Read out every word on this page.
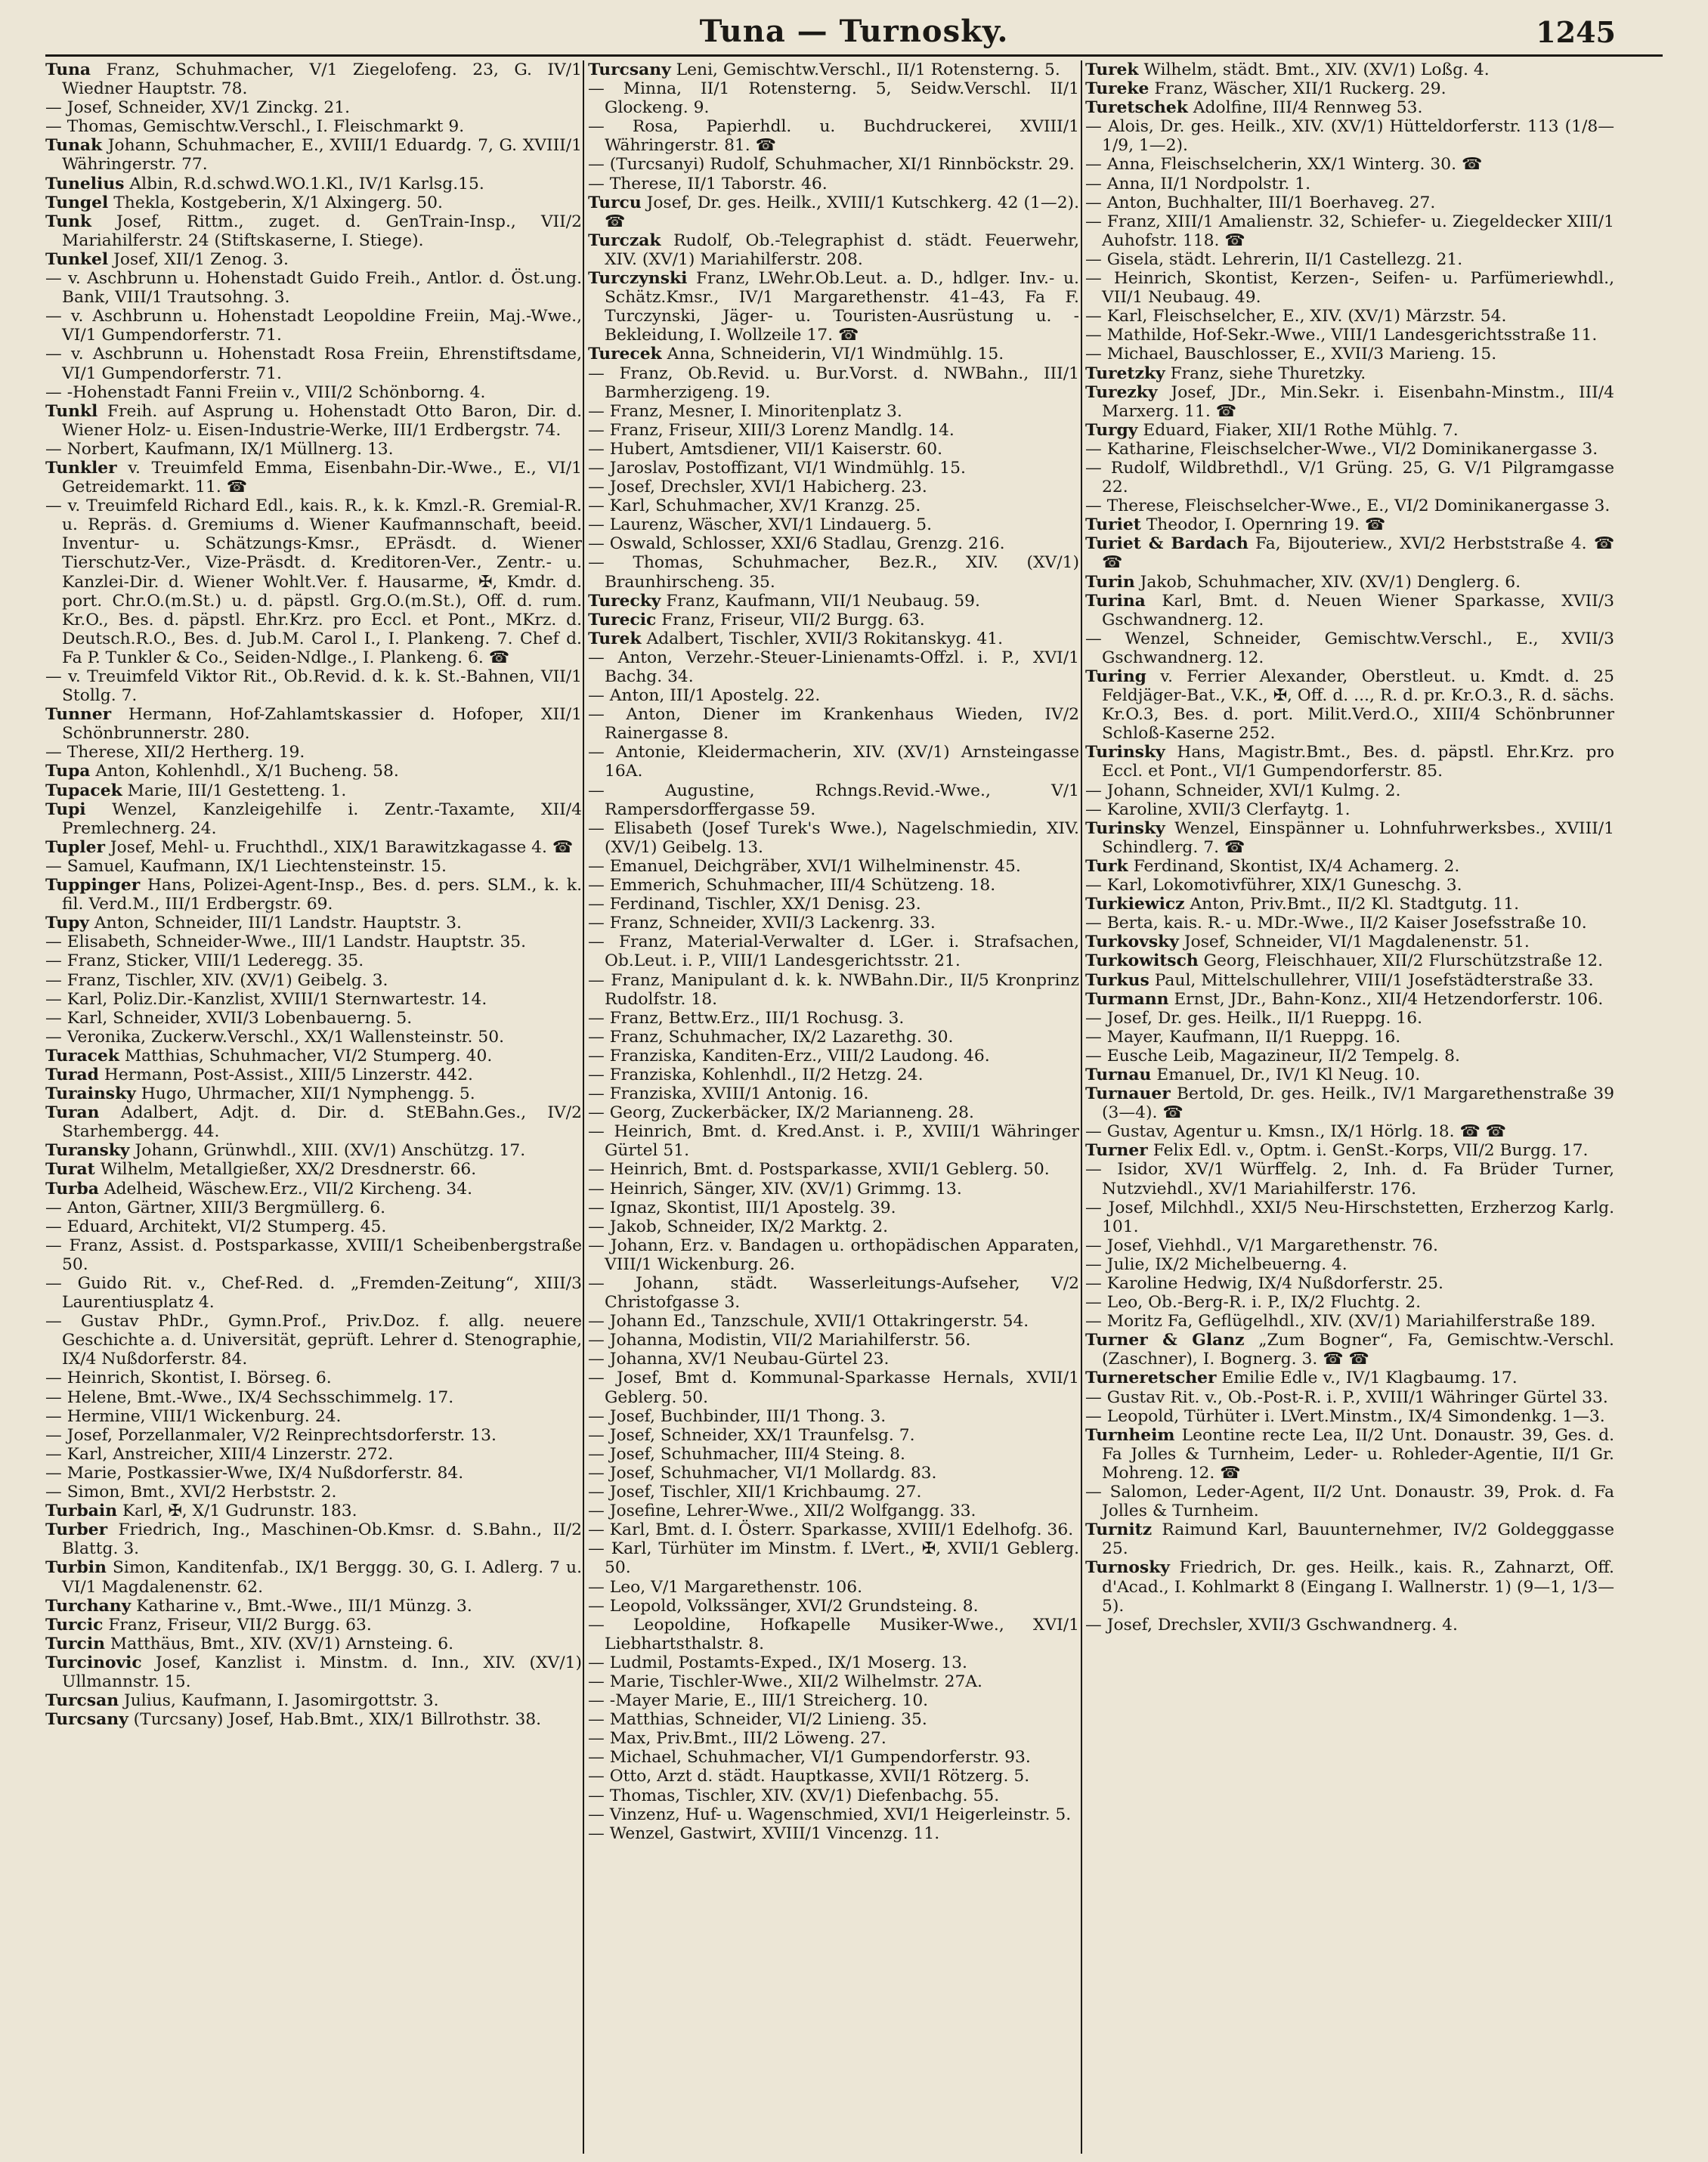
Tuna — Turnosky.	1245

Tuna Franz, Schuhmacher, V/1 Ziegelofeng. 23, G. IV/1 Wiedner Hauptstr. 78.

— Josef, Schneider, XV/1 Zinckg. 21.

— Thomas, Gemischtw.Verschl., I. Fleischmarkt 9.

Tunak Johann, Schuhmacher, E., XVIII/1 Eduardg. 7, G. XVIII/1 Währingerstr. 77.

Tunelius Albin, R.d.schwd.WO.1.Kl., IV/1 Karlsg.15.

Tungel Thekla, Kostgeberin, X/1 Alxingerg. 50.

Tunk Josef, Rittm., zuget. d. GenTrain-Insp., VII/2 Mariahilferstr. 24 (Stiftskaserne, I. Stiege).

Tunkel Josef, XII/1 Zenog. 3.

— v. Aschbrunn u. Hohenstadt Guido Freih., Antlor. d. Öst.ung. Bank, VIII/1 Trautsohng. 3.

— v. Aschbrunn u. Hohenstadt Leopoldine Freiin, Maj.-Wwe., VI/1 Gumpendorferstr. 71.

— v. Aschbrunn u. Hohenstadt Rosa Freiin, Ehrenstiftsdame, VI/1 Gumpendorferstr. 71.

— -Hohenstadt Fanni Freiin v., VIII/2 Schönborng. 4.

Tunkl Freih. auf Asprung u. Hohenstadt Otto Baron, Dir. d. Wiener Holz- u. Eisen-Industrie-Werke, III/1 Erdbergstr. 74.

— Norbert, Kaufmann, IX/1 Müllnerg. 13.

Tunkler v. Treuimfeld Emma, Eisenbahn-Dir.-Wwe., E., VI/1 Getreidemarkt. 11. ☎

— v. Treuimfeld Richard Edl., kais. R., k. k. Kmzl.-R. Gremial-R. u. Repräs. d. Gremiums d. Wiener Kaufmannschaft, beeid. Inventur- u. Schätzungs-Kmsr., EPräsdt. d. Wiener Tierschutz-Ver., Vize-Präsdt. d. Kreditoren-Ver., Zentr.- u. Kanzlei-Dir. d. Wiener Wohlt.Ver. f. Hausarme, ✠, Kmdr. d. port. Chr.O.(m.St.) u. d. päpstl. Grg.O.(m.St.), Off. d. rum. Kr.O., Bes. d. päpstl. Ehr.Krz. pro Eccl. et Pont., MKrz. d. Deutsch.R.O., Bes. d. Jub.M. Carol I., I. Plankeng. 7. Chef d. Fa P. Tunkler & Co., Seiden-Ndlge., I. Plankeng. 6. ☎

— v. Treuimfeld Viktor Rit., Ob.Revid. d. k. k. St.-Bahnen, VII/1 Stollg. 7.

Tunner Hermann, Hof-Zahlamtskassier d. Hofoper, XII/1 Schönbrunnerstr. 280.

— Therese, XII/2 Hertherg. 19.

Tupa Anton, Kohlenhdl., X/1 Bucheng. 58.

Tupacek Marie, III/1 Gestetteng. 1.

Tupi Wenzel, Kanzleigehilfe i. Zentr.-Taxamte, XII/4 Premlechnerg. 24.

Tupler Josef, Mehl- u. Fruchthdl., XIX/1 Barawitzkagasse 4. ☎

— Samuel, Kaufmann, IX/1 Liechtensteinstr. 15.

Tuppinger Hans, Polizei-Agent-Insp., Bes. d. pers. SLM., k. k. fil. Verd.M., III/1 Erdbergstr. 69.

Tupy Anton, Schneider, III/1 Landstr. Hauptstr. 3.

— Elisabeth, Schneider-Wwe., III/1 Landstr. Hauptstr. 35.

— Franz, Sticker, VIII/1 Lederegg. 35.

— Franz, Tischler, XIV. (XV/1) Geibelg. 3.

— Karl, Poliz.Dir.-Kanzlist, XVIII/1 Sternwartestr. 14.

— Karl, Schneider, XVII/3 Lobenbauerng. 5.

— Veronika, Zuckerw.Verschl., XX/1 Wallensteinstr. 50.

Turacek Matthias, Schuhmacher, VI/2 Stumperg. 40.

Turad Hermann, Post-Assist., XIII/5 Linzerstr. 442.

Turainsky Hugo, Uhrmacher, XII/1 Nymphengg. 5.

Turan Adalbert, Adjt. d. Dir. d. StEBahn.Ges., IV/2 Starhembergg. 44.

Turansky Johann, Grünwhdl., XIII. (XV/1) Anschützg. 17.

Turat Wilhelm, Metallgießer, XX/2 Dresdnerstr. 66.

Turba Adelheid, Wäschew.Erz., VII/2 Kircheng. 34.

— Anton, Gärtner, XIII/3 Bergmüllerg. 6.

— Eduard, Architekt, VI/2 Stumperg. 45.

— Franz, Assist. d. Postsparkasse, XVIII/1 Scheibenbergstraße 50.

— Guido Rit. v., Chef-Red. d. „Fremden-Zeitung“, XIII/3 Laurentiusplatz 4.

— Gustav PhDr., Gymn.Prof., Priv.Doz. f. allg. neuere Geschichte a. d. Universität, geprüft. Lehrer d. Stenographie, IX/4 Nußdorferstr. 84.

— Heinrich, Skontist, I. Börseg. 6.

— Helene, Bmt.-Wwe., IX/4 Sechsschimmelg. 17.

— Hermine, VIII/1 Wickenburg. 24.

— Josef, Porzellanmaler, V/2 Reinprechtsdorferstr. 13.

— Karl, Anstreicher, XIII/4 Linzerstr. 272.

— Marie, Postkassier-Wwe, IX/4 Nußdorferstr. 84.

— Simon, Bmt., XVI/2 Herbststr. 2.

Turbain Karl, ✠, X/1 Gudrunstr. 183.

Turber Friedrich, Ing., Maschinen-Ob.Kmsr. d. S.Bahn., II/2 Blattg. 3.

Turbin Simon, Kanditenfab., IX/1 Berggg. 30, G. I. Adlerg. 7 u. VI/1 Magdalenenstr. 62.

Turchany Katharine v., Bmt.-Wwe., III/1 Münzg. 3.

Turcic Franz, Friseur, VII/2 Burgg. 63.

Turcin Matthäus, Bmt., XIV. (XV/1) Arnsteing. 6.

Turcinovic Josef, Kanzlist i. Minstm. d. Inn., XIV. (XV/1) Ullmannstr. 15.

Turcsan Julius, Kaufmann, I. Jasomirgottstr. 3.

Turcsany (Turcsany) Josef, Hab.Bmt., XIX/1 Billrothstr. 38.

Turcsany Leni, Gemischtw.Verschl., II/1 Rotensterng. 5.

— Minna, II/1 Rotensterng. 5, Seidw.Verschl. II/1 Glockeng. 9.

— Rosa, Papierhdl. u. Buchdruckerei, XVIII/1 Währingerstr. 81. ☎

— (Turcsanyi) Rudolf, Schuhmacher, XI/1 Rinnböckstr. 29.

— Therese, II/1 Taborstr. 46.

Turcu Josef, Dr. ges. Heilk., XVIII/1 Kutschkerg. 42 (1—2). ☎

Turczak Rudolf, Ob.-Telegraphist d. städt. Feuerwehr, XIV. (XV/1) Mariahilferstr. 208.

Turczynski Franz, LWehr.Ob.Leut. a. D., hdlger. Inv.- u. Schätz.Kmsr., IV/1 Margarethenstr. 41–43, Fa F. Turczynski, Jäger- u. Touristen-Ausrüstung u. -Bekleidung, I. Wollzeile 17. ☎

Turecek Anna, Schneiderin, VI/1 Windmühlg. 15.

— Franz, Ob.Revid. u. Bur.Vorst. d. NWBahn., III/1 Barmherzigeng. 19.

— Franz, Mesner, I. Minoritenplatz 3.

— Franz, Friseur, XIII/3 Lorenz Mandlg. 14.

— Hubert, Amtsdiener, VII/1 Kaiserstr. 60.

— Jaroslav, Postoffizant, VI/1 Windmühlg. 15.

— Josef, Drechsler, XVI/1 Habicherg. 23.

— Karl, Schuhmacher, XV/1 Kranzg. 25.

— Laurenz, Wäscher, XVI/1 Lindauerg. 5.

— Oswald, Schlosser, XXI/6 Stadlau, Grenzg. 216.

— Thomas, Schuhmacher, Bez.R., XIV. (XV/1) Braunhirscheng. 35.

Turecky Franz, Kaufmann, VII/1 Neubaug. 59.

Turecic Franz, Friseur, VII/2 Burgg. 63.

Turek Adalbert, Tischler, XVII/3 Rokitanskyg. 41.

— Anton, Verzehr.-Steuer-Linienamts-Offzl. i. P., XVI/1 Bachg. 34.

— Anton, III/1 Apostelg. 22.

— Anton, Diener im Krankenhaus Wieden, IV/2 Rainergasse 8.

— Antonie, Kleidermacherin, XIV. (XV/1) Arnsteingasse 16A.

— Augustine, Rchngs.Revid.-Wwe., V/1 Rampersdorffergasse 59.

— Elisabeth (Josef Turek's Wwe.), Nagelschmiedin, XIV. (XV/1) Geibelg. 13.

— Emanuel, Deichgräber, XVI/1 Wilhelminenstr. 45.

— Emmerich, Schuhmacher, III/4 Schützeng. 18.

— Ferdinand, Tischler, XX/1 Denisg. 23.

— Franz, Schneider, XVII/3 Lackenrg. 33.

— Franz, Material-Verwalter d. LGer. i. Strafsachen, Ob.Leut. i. P., VIII/1 Landesgerichtsstr. 21.

— Franz, Manipulant d. k. k. NWBahn.Dir., II/5 Kronprinz Rudolfstr. 18.

— Franz, Bettw.Erz., III/1 Rochusg. 3.

— Franz, Schuhmacher, IX/2 Lazarethg. 30.

— Franziska, Kanditen-Erz., VIII/2 Laudong. 46.

— Franziska, Kohlenhdl., II/2 Hetzg. 24.

— Franziska, XVIII/1 Antonig. 16.

— Georg, Zuckerbäcker, IX/2 Marianneng. 28.

— Heinrich, Bmt. d. Kred.Anst. i. P., XVIII/1 Währinger Gürtel 51.

— Heinrich, Bmt. d. Postsparkasse, XVII/1 Geblerg. 50.

— Heinrich, Sänger, XIV. (XV/1) Grimmg. 13.

— Ignaz, Skontist, III/1 Apostelg. 39.

— Jakob, Schneider, IX/2 Marktg. 2.

— Johann, Erz. v. Bandagen u. orthopädischen Apparaten, VIII/1 Wickenburg. 26.

— Johann, städt. Wasserleitungs-Aufseher, V/2 Christofgasse 3.

— Johann Ed., Tanzschule, XVII/1 Ottakringerstr. 54.

— Johanna, Modistin, VII/2 Mariahilferstr. 56.

— Johanna, XV/1 Neubau-Gürtel 23.

— Josef, Bmt d. Kommunal-Sparkasse Hernals, XVII/1 Geblerg. 50.

— Josef, Buchbinder, III/1 Thong. 3.

— Josef, Schneider, XX/1 Traunfelsg. 7.

— Josef, Schuhmacher, III/4 Steing. 8.

— Josef, Schuhmacher, VI/1 Mollardg. 83.

— Josef, Tischler, XII/1 Krichbaumg. 27.

— Josefine, Lehrer-Wwe., XII/2 Wolfgangg. 33.

— Karl, Bmt. d. I. Österr. Sparkasse, XVIII/1 Edelhofg. 36.

— Karl, Türhüter im Minstm. f. LVert., ✠, XVII/1 Geblerg. 50.

— Leo, V/1 Margarethenstr. 106.

— Leopold, Volkssänger, XVI/2 Grundsteing. 8.

— Leopoldine, Hofkapelle Musiker-Wwe., XVI/1 Liebhartsthalstr. 8.

— Ludmil, Postamts-Exped., IX/1 Moserg. 13.

— Marie, Tischler-Wwe., XII/2 Wilhelmstr. 27A.

— -Mayer Marie, E., III/1 Streicherg. 10.

— Matthias, Schneider, VI/2 Linieng. 35.

— Max, Priv.Bmt., III/2 Löweng. 27.

— Michael, Schuhmacher, VI/1 Gumpendorferstr. 93.

— Otto, Arzt d. städt. Hauptkasse, XVII/1 Rötzerg. 5.

— Thomas, Tischler, XIV. (XV/1) Diefenbachg. 55.

— Vinzenz, Huf- u. Wagenschmied, XVI/1 Heigerleinstr. 5.

— Wenzel, Gastwirt, XVIII/1 Vincenzg. 11.

Turek Wilhelm, städt. Bmt., XIV. (XV/1) Loßg. 4.

Tureke Franz, Wäscher, XII/1 Ruckerg. 29.

Turetschek Adolfine, III/4 Rennweg 53.

— Alois, Dr. ges. Heilk., XIV. (XV/1) Hütteldorferstr. 113 (1/8—1/9, 1—2).

— Anna, Fleischselcherin, XX/1 Winterg. 30. ☎

— Anna, II/1 Nordpolstr. 1.

— Anton, Buchhalter, III/1 Boerhaveg. 27.

— Franz, XIII/1 Amalienstr. 32, Schiefer- u. Ziegeldecker XIII/1 Auhofstr. 118. ☎

— Gisela, städt. Lehrerin, II/1 Castellezg. 21.

— Heinrich, Skontist, Kerzen-, Seifen- u. Parfümeriewhdl., VII/1 Neubaug. 49.

— Karl, Fleischselcher, E., XIV. (XV/1) Märzstr. 54.

— Mathilde, Hof-Sekr.-Wwe., VIII/1 Landesgerichtsstraße 11.

— Michael, Bauschlosser, E., XVII/3 Marieng. 15.

Turetzky Franz, siehe Thuretzky.

Turezky Josef, JDr., Min.Sekr. i. Eisenbahn-Minstm., III/4 Marxerg. 11. ☎

Turgy Eduard, Fiaker, XII/1 Rothe Mühlg. 7.

— Katharine, Fleischselcher-Wwe., VI/2 Dominikanergasse 3.

— Rudolf, Wildbrethdl., V/1 Grüng. 25, G. V/1 Pilgramgasse 22.

— Therese, Fleischselcher-Wwe., E., VI/2 Dominikanergasse 3.

Turiet Theodor, I. Opernring 19. ☎

Turiet & Bardach Fa, Bijouteriew., XVI/2 Herbststraße 4. ☎ ☎

Turin Jakob, Schuhmacher, XIV. (XV/1) Denglerg. 6.

Turina Karl, Bmt. d. Neuen Wiener Sparkasse, XVII/3 Gschwandnerg. 12.

— Wenzel, Schneider, Gemischtw.Verschl., E., XVII/3 Gschwandnerg. 12.

Turing v. Ferrier Alexander, Oberstleut. u. Kmdt. d. 25 Feldjäger-Bat., V.K., ✠, Off. d. ..., R. d. pr. Kr.O.3., R. d. sächs. Kr.O.3, Bes. d. port. Milit.Verd.O., XIII/4 Schönbrunner Schloß-Kaserne 252.

Turinsky Hans, Magistr.Bmt., Bes. d. päpstl. Ehr.Krz. pro Eccl. et Pont., VI/1 Gumpendorferstr. 85.

— Johann, Schneider, XVI/1 Kulmg. 2.

— Karoline, XVII/3 Clerfaytg. 1.

Turinsky Wenzel, Einspänner u. Lohnfuhrwerksbes., XVIII/1 Schindlerg. 7. ☎

Turk Ferdinand, Skontist, IX/4 Achamerg. 2.

— Karl, Lokomotivführer, XIX/1 Guneschg. 3.

Turkiewicz Anton, Priv.Bmt., II/2 Kl. Stadtgutg. 11.

— Berta, kais. R.- u. MDr.-Wwe., II/2 Kaiser Josefsstraße 10.

Turkovsky Josef, Schneider, VI/1 Magdalenenstr. 51.

Turkowitsch Georg, Fleischhauer, XII/2 Flurschützstraße 12.

Turkus Paul, Mittelschullehrer, VIII/1 Josefstädterstraße 33.

Turmann Ernst, JDr., Bahn-Konz., XII/4 Hetzendorferstr. 106.

— Josef, Dr. ges. Heilk., II/1 Rueppg. 16.

— Mayer, Kaufmann, II/1 Rueppg. 16.

— Eusche Leib, Magazineur, II/2 Tempelg. 8.

Turnau Emanuel, Dr., IV/1 Kl Neug. 10.

Turnauer Bertold, Dr. ges. Heilk., IV/1 Margarethenstraße 39 (3—4). ☎

— Gustav, Agentur u. Kmsn., IX/1 Hörlg. 18. ☎ ☎

Turner Felix Edl. v., Optm. i. GenSt.-Korps, VII/2 Burgg. 17.

— Isidor, XV/1 Würffelg. 2, Inh. d. Fa Brüder Turner, Nutzviehdl., XV/1 Mariahilferstr. 176.

— Josef, Milchhdl., XXI/5 Neu-Hirschstetten, Erzherzog Karlg. 101.

— Josef, Viehhdl., V/1 Margarethenstr. 76.

— Julie, IX/2 Michelbeuerng. 4.

— Karoline Hedwig, IX/4 Nußdorferstr. 25.

— Leo, Ob.-Berg-R. i. P., IX/2 Fluchtg. 2.

— Moritz Fa, Geflügelhdl., XIV. (XV/1) Mariahilferstraße 189.

Turner & Glanz „Zum Bogner“, Fa, Gemischtw.-Verschl. (Zaschner), I. Bognerg. 3. ☎ ☎

Turneretscher Emilie Edle v., IV/1 Klagbaumg. 17.

— Gustav Rit. v., Ob.-Post-R. i. P., XVIII/1 Währinger Gürtel 33.

— Leopold, Türhüter i. LVert.Minstm., IX/4 Simondenkg. 1—3.

Turnheim Leontine recte Lea, II/2 Unt. Donaustr. 39, Ges. d. Fa Jolles & Turnheim, Leder- u. Rohleder-Agentie, II/1 Gr. Mohreng. 12. ☎

— Salomon, Leder-Agent, II/2 Unt. Donaustr. 39, Prok. d. Fa Jolles & Turnheim.

Turnitz Raimund Karl, Bauunternehmer, IV/2 Goldegggasse 25.

Turnosky Friedrich, Dr. ges. Heilk., kais. R., Zahnarzt, Off. d'Acad., I. Kohlmarkt 8 (Eingang I. Wallnerstr. 1) (9—1, 1/3—5).

— Josef, Drechsler, XVII/3 Gschwandnerg. 4.
